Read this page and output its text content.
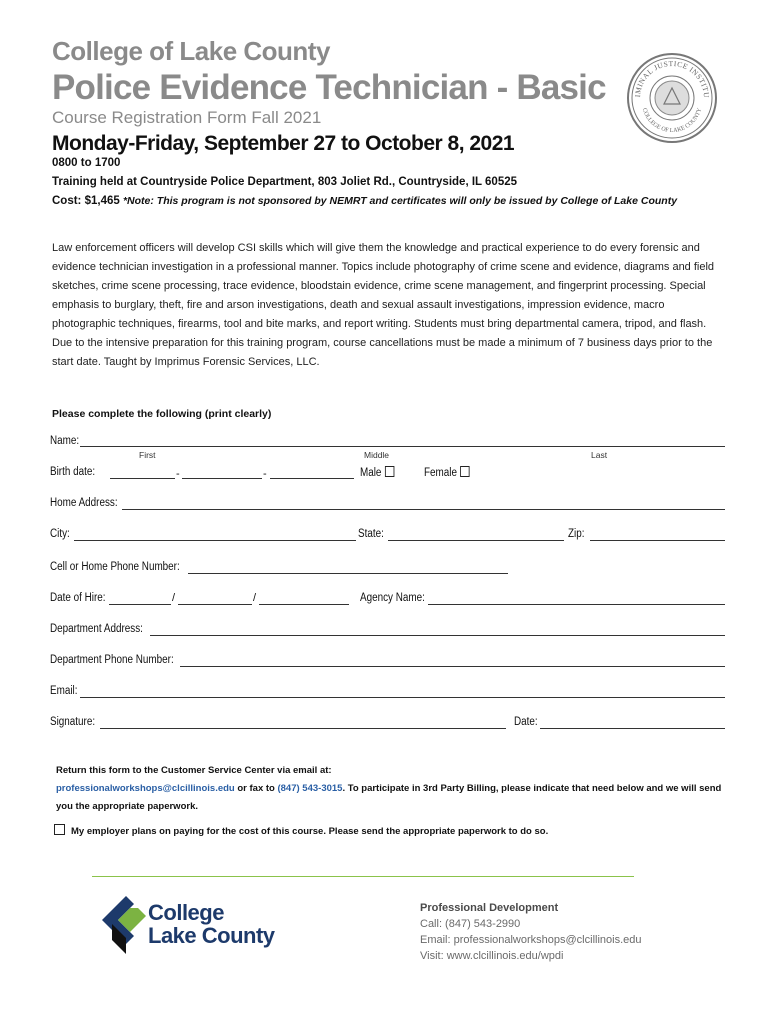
College of Lake County
Police Evidence Technician - Basic
Course Registration Form Fall 2021
Monday-Friday, September 27 to October 8, 2021
0800 to 1700
Training held at Countryside Police Department, 803 Joliet Rd., Countryside, IL 60525
Cost: $1,465 *Note: This program is not sponsored by NEMRT and certificates will only be issued by College of Lake County
IMINAL JUSTICE INSTITU
COLLEGE OF LAKE COUNTY
Law enforcement officers will develop CSI skills which will give them the knowledge and practical experience to do every forensic and evidence technician investigation in a professional manner. Topics include photography of crime scene and evidence, diagrams and field sketches, crime scene processing, trace evidence, bloodstain evidence, crime scene management, and fingerprint processing. Special emphasis to burglary, theft, fire and arson investigations, death and sexual assault investigations, impression evidence, macro photographic techniques, firearms, tool and bite marks, and report writing. Students must bring departmental camera, tripod, and flash. Due to the intensive preparation for this training program, course cancellations must be made a minimum of 7 business days prior to the start date. Taught by Imprimus Forensic Services, LLC.
Please complete the following (print clearly)
Name:
First	Middle	Last
Birth date:	-	-	Male	Female
Home Address:
City:	State:	Zip:
Cell or Home Phone Number:
Date of Hire:	/	/	Agency Name:
Department Address:
Department Phone Number:
Email:
Signature:	Date:
Return this form to the Customer Service Center via email at:
professionalworkshops@clcillinois.edu or fax to (847) 543-3015. To participate in 3rd Party Billing, please indicate that need below and we will send you the appropriate paperwork.
My employer plans on paying for the cost of this course. Please send the appropriate paperwork to do so.
College
Lake County
Professional Development
Call: (847) 543-2990
Email: professionalworkshops@clcillinois.edu
Visit: www.clcillinois.edu/wpdi
